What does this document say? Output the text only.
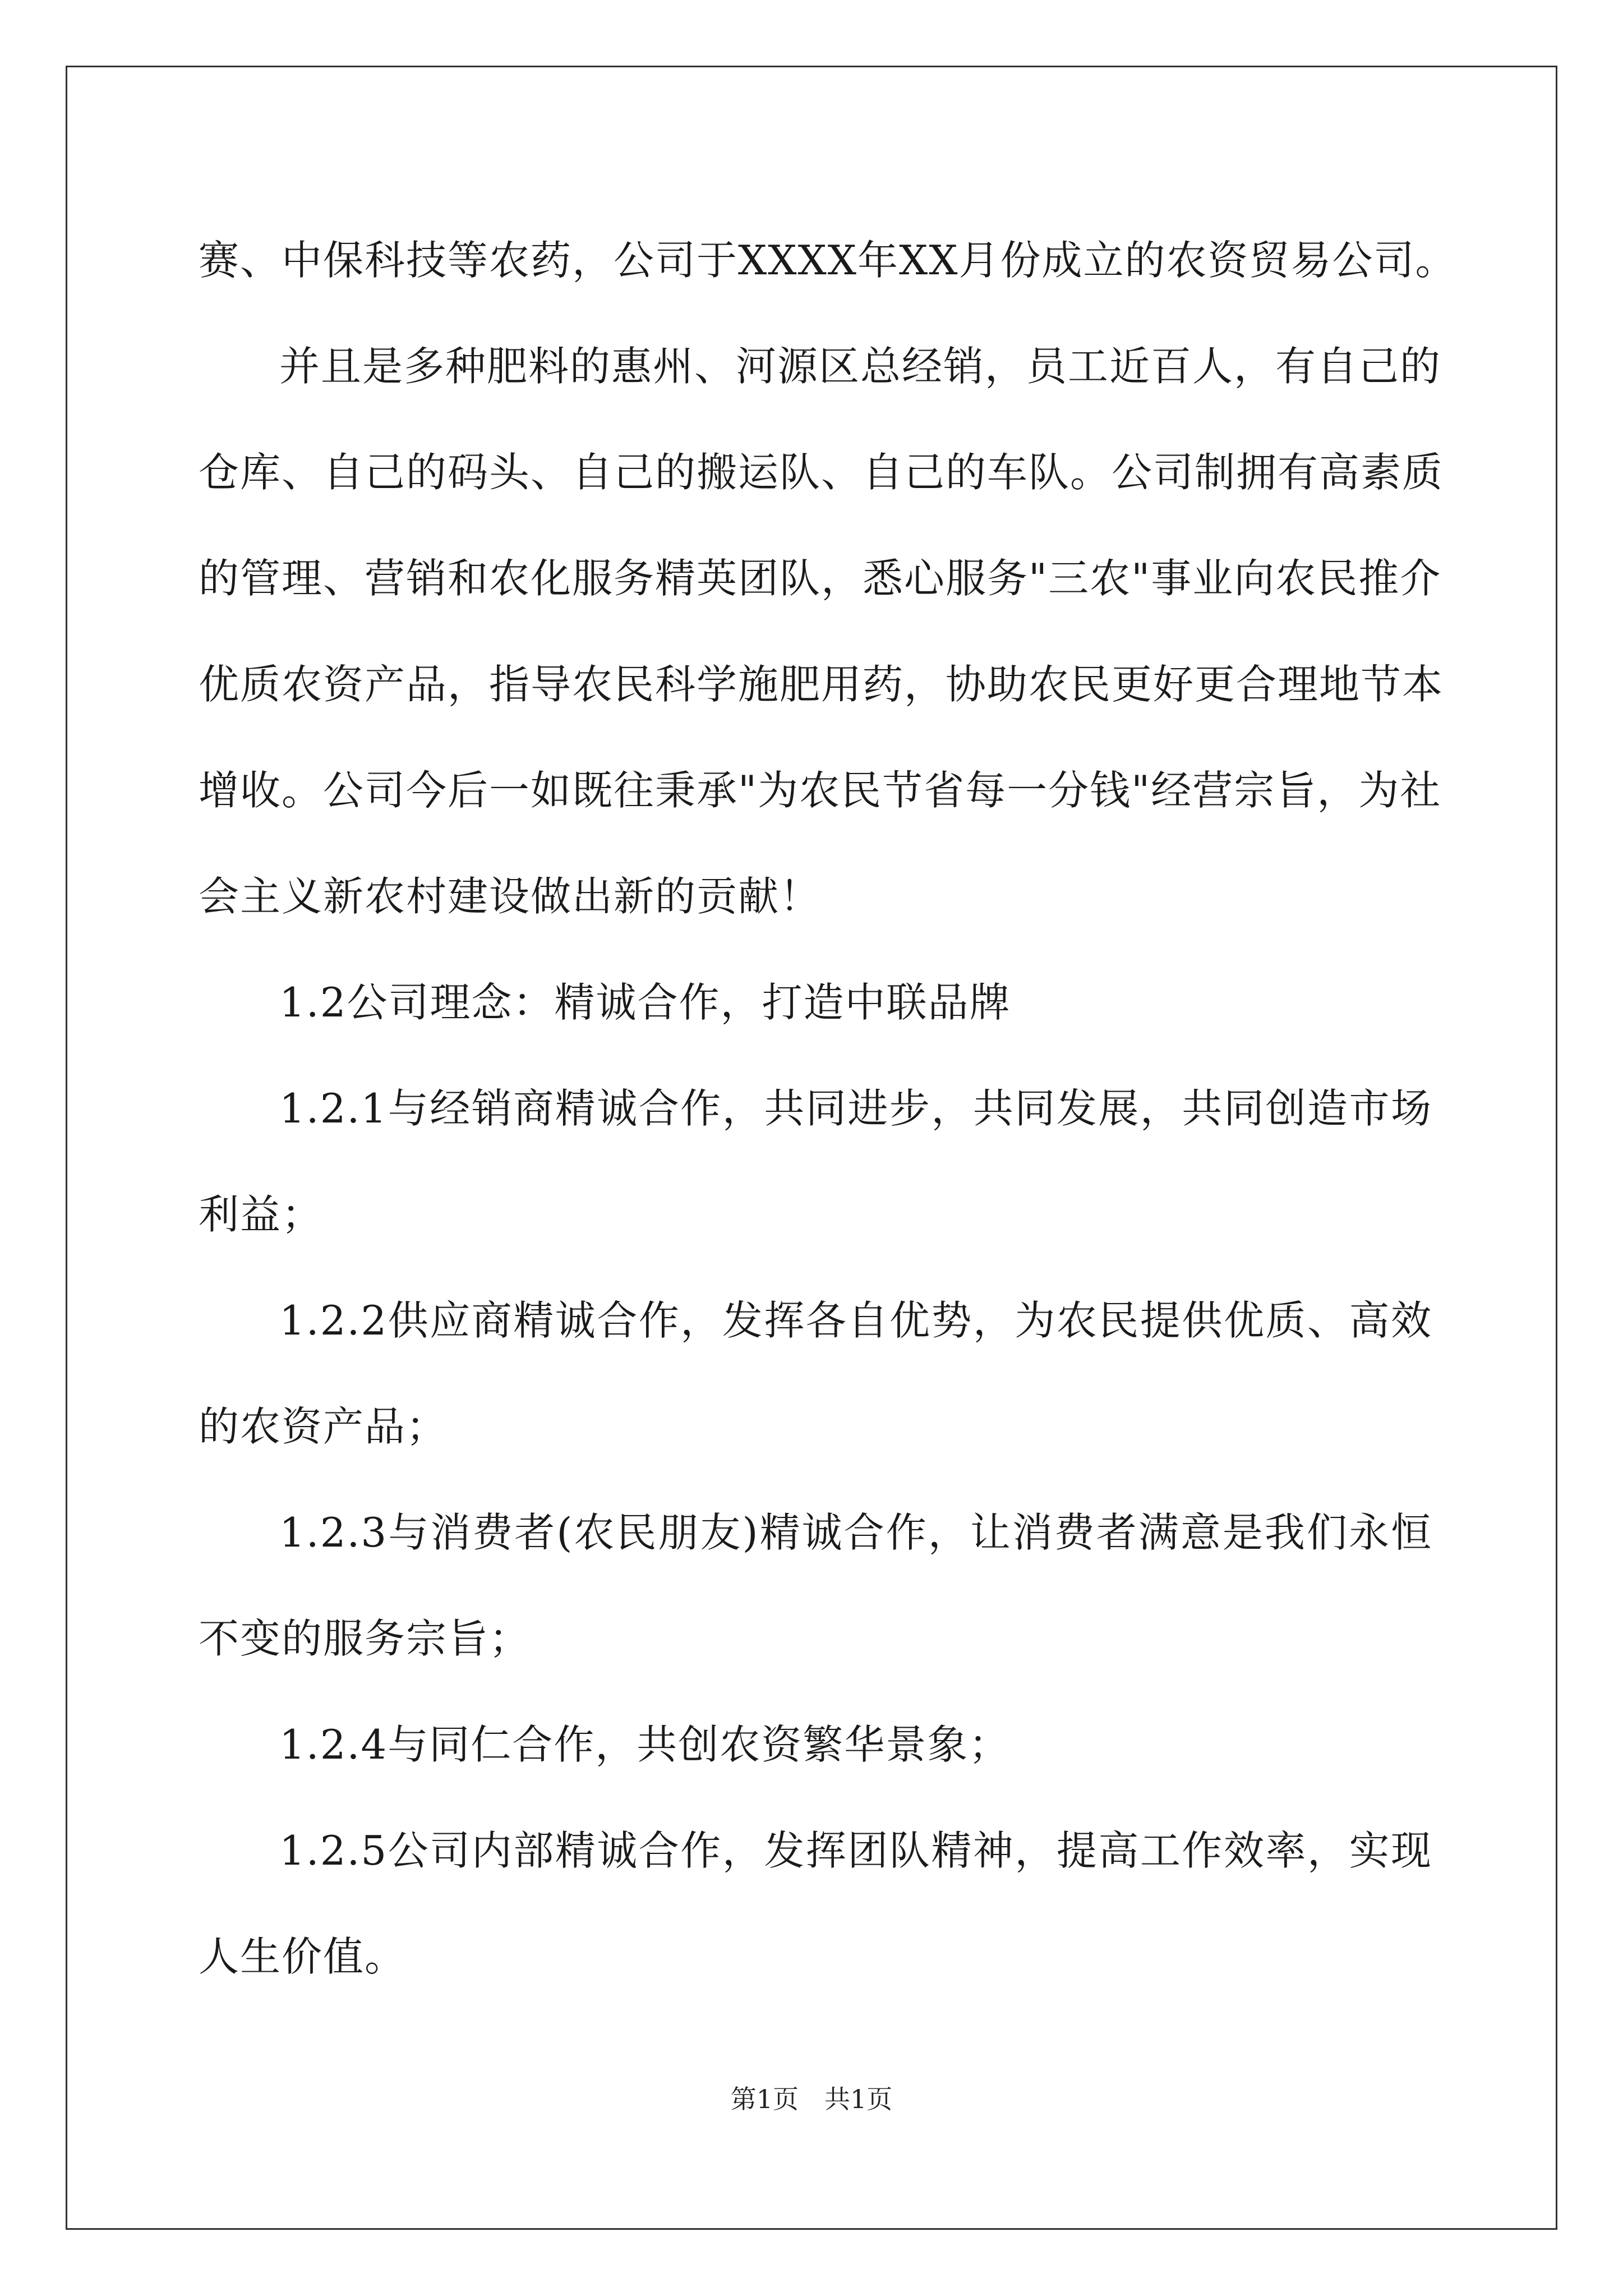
赛、中保科技等农药，公司于XXXX年XX月份成立的农资贸易公司。
并且是多种肥料的惠州、河源区总经销，员工近百人，有自己的
仓库、自己的码头、自己的搬运队、自己的车队。公司制拥有高素质
的管理、营销和农化服务精英团队，悉心服务"三农"事业向农民推介
优质农资产品，指导农民科学施肥用药，协助农民更好更合理地节本
增收。公司今后一如既往秉承"为农民节省每一分钱"经营宗旨，为社
会主义新农村建设做出新的贡献！
1.2公司理念：精诚合作，打造中联品牌
1.2.1与经销商精诚合作，共同进步，共同发展，共同创造市场
利益；
1.2.2供应商精诚合作，发挥各自优势，为农民提供优质、高效
的农资产品；
1.2.3与消费者(农民朋友)精诚合作，让消费者满意是我们永恒
不变的服务宗旨；
1.2.4与同仁合作，共创农资繁华景象；
1.2.5公司内部精诚合作，发挥团队精神，提高工作效率，实现
人生价值。
第1页　共1页
